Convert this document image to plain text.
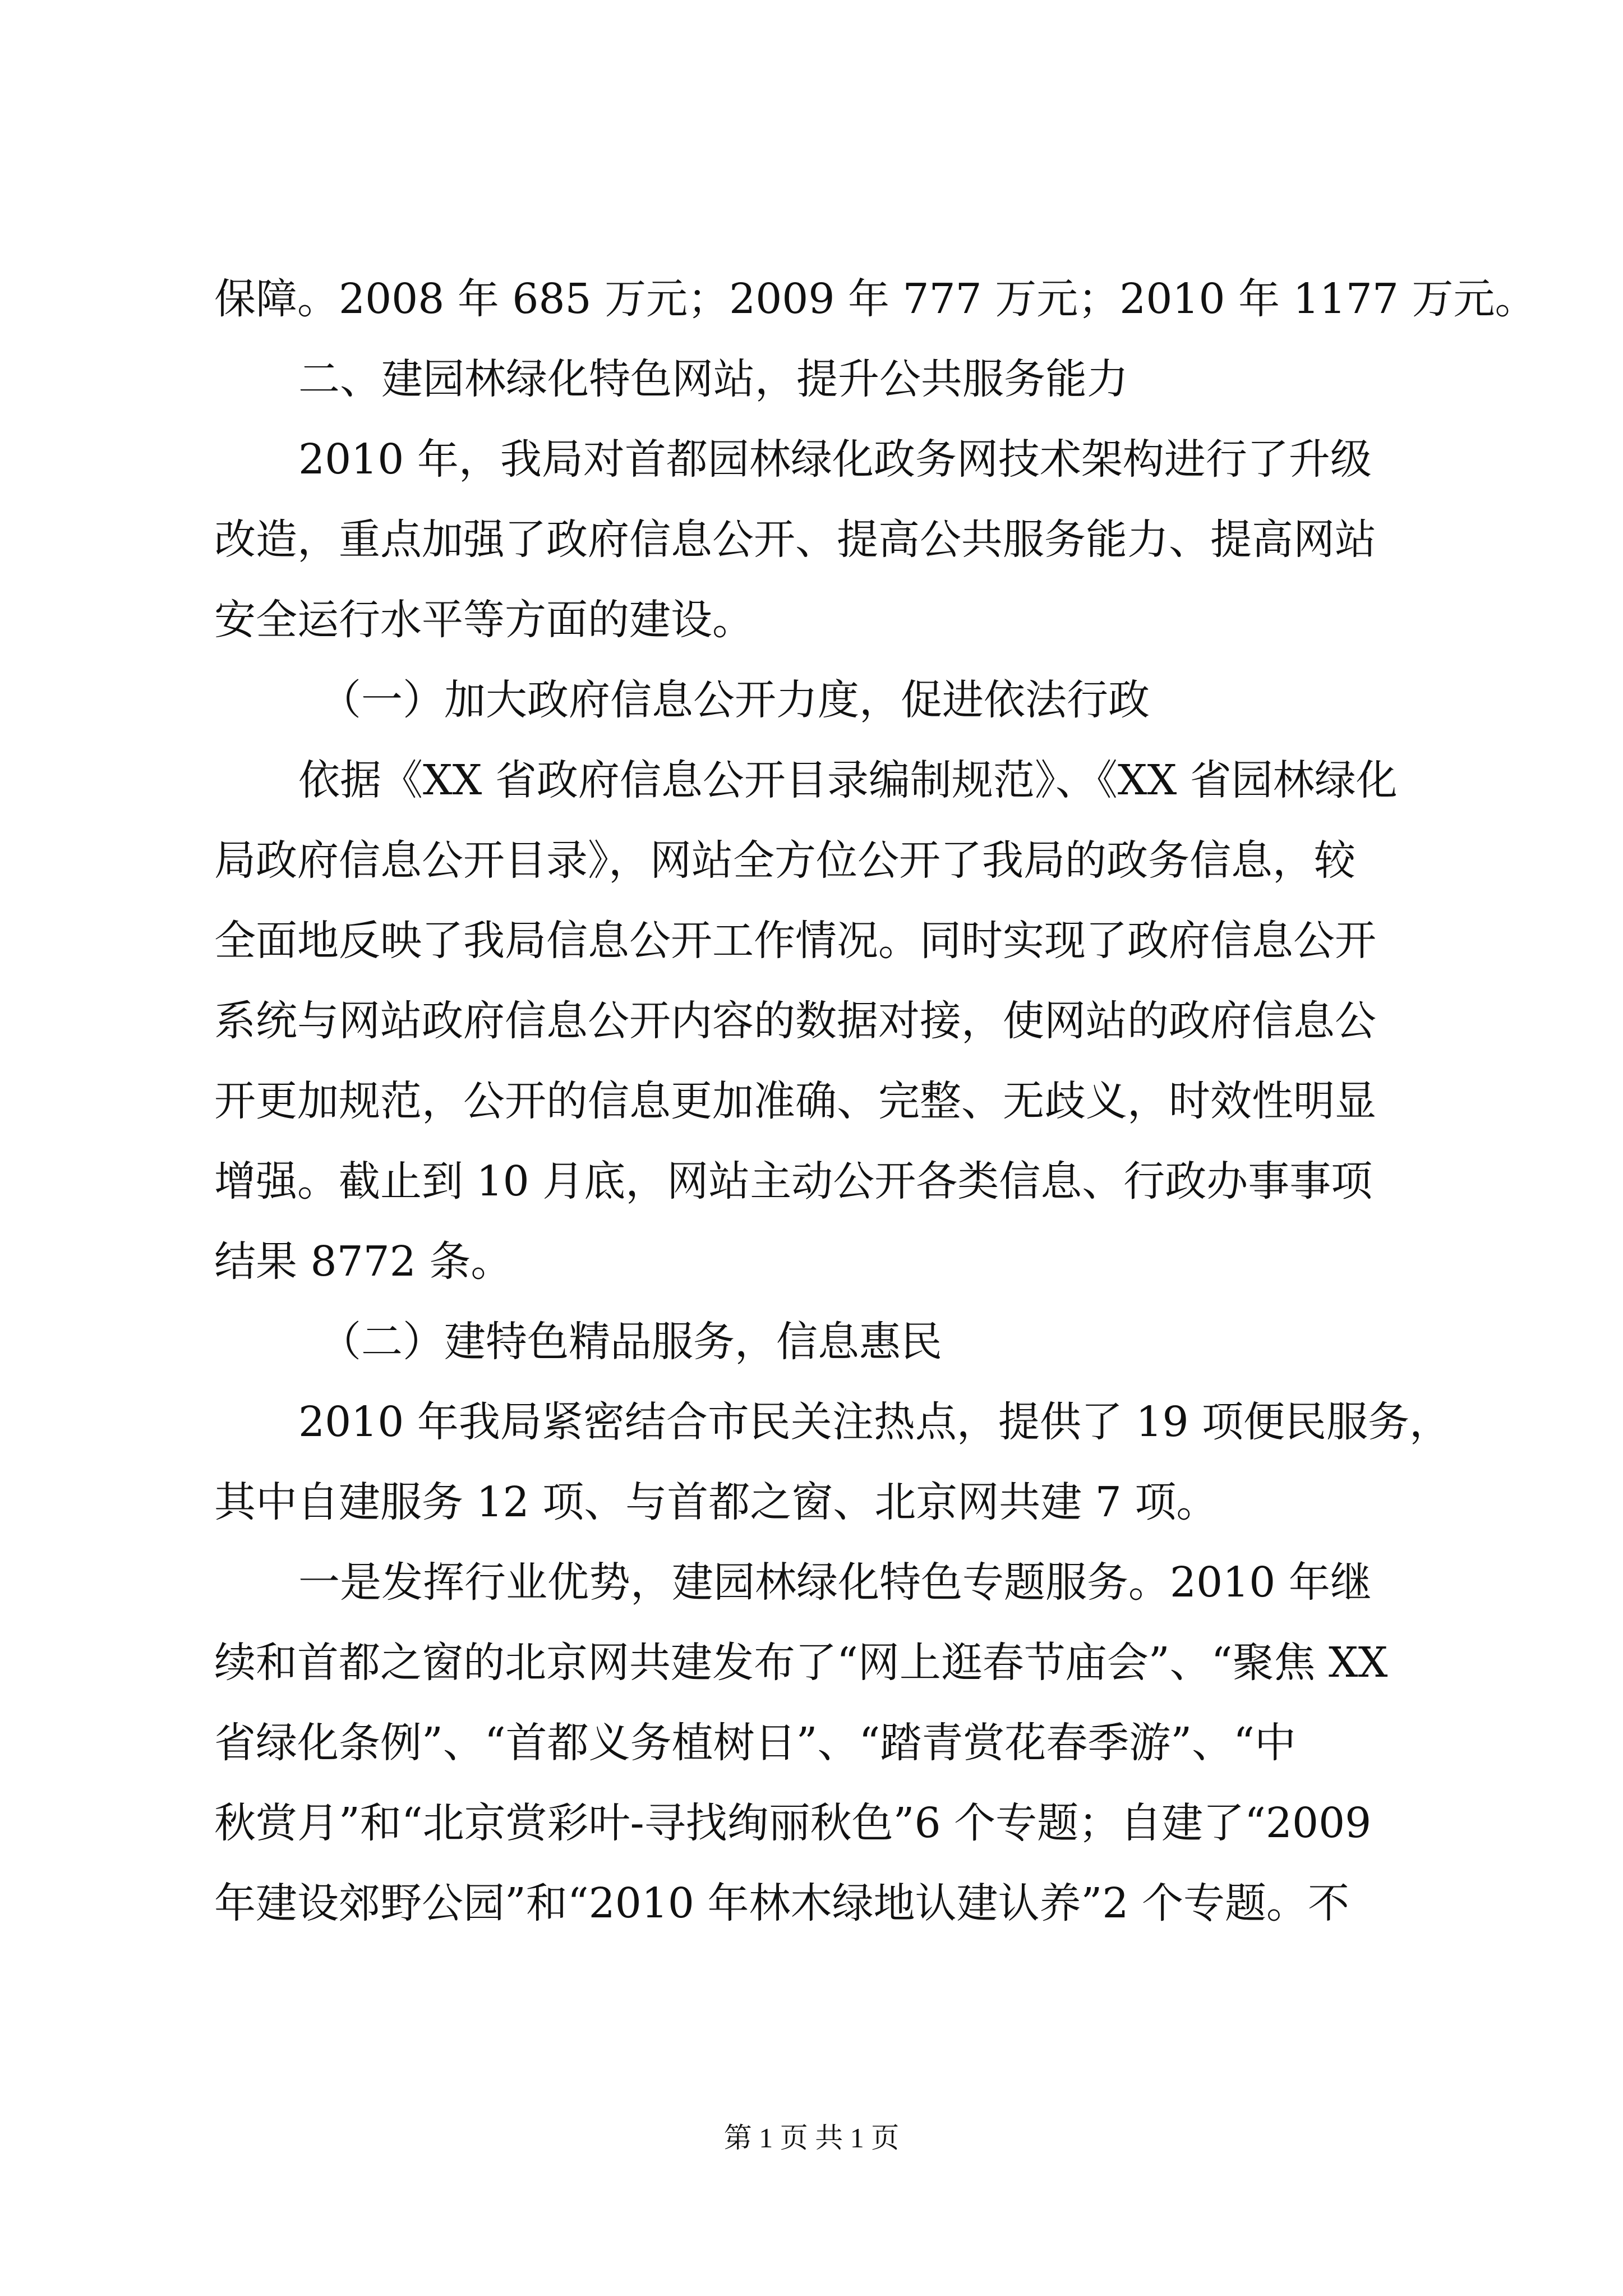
保障。2008 年 685 万元；2009 年 777 万元；2010 年 1177 万元。
二、建园林绿化特色网站，提升公共服务能力
2010 年，我局对首都园林绿化政务网技术架构进行了升级
改造，重点加强了政府信息公开、提高公共服务能力、提高网站
安全运行水平等方面的建设。
（一）加大政府信息公开力度，促进依法行政
依据《XX 省政府信息公开目录编制规范》、《XX 省园林绿化
局政府信息公开目录》，网站全方位公开了我局的政务信息，较
全面地反映了我局信息公开工作情况。同时实现了政府信息公开
系统与网站政府信息公开内容的数据对接，使网站的政府信息公
开更加规范，公开的信息更加准确、完整、无歧义，时效性明显
增强。截止到 10 月底，网站主动公开各类信息、行政办事事项
结果 8772 条。
（二）建特色精品服务，信息惠民
2010 年我局紧密结合市民关注热点，提供了 19 项便民服务，
其中自建服务 12 项、与首都之窗、北京网共建 7 项。
一是发挥行业优势，建园林绿化特色专题服务。2010 年继
续和首都之窗的北京网共建发布了“网上逛春节庙会”、“聚焦 XX
省绿化条例”、“首都义务植树日”、“踏青赏花春季游”、“中
秋赏月”和“北京赏彩叶-寻找绚丽秋色”6 个专题；自建了“2009
年建设郊野公园”和“2010 年林木绿地认建认养”2 个专题。不
第 1 页 共 1 页
